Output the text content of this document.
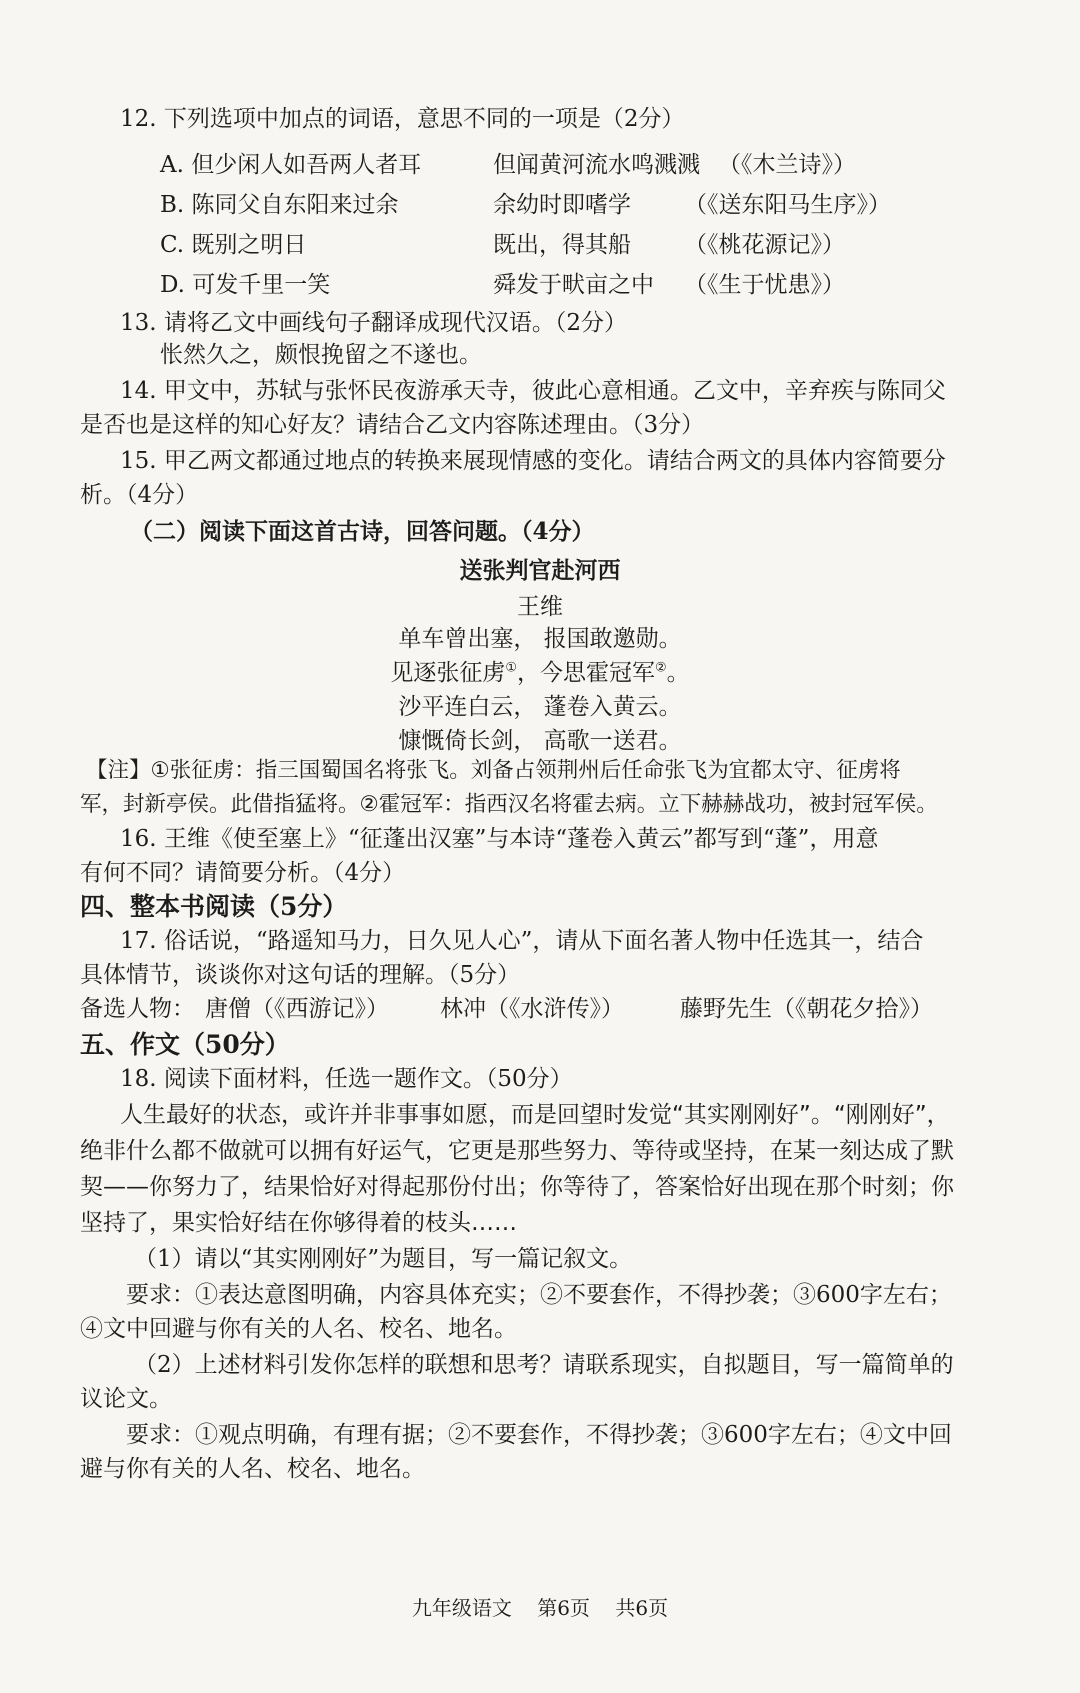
12. 下列选项中加点的词语，意思不同的一项是（2分）
A. 但少闲人如吾两人者耳	但闻黄河流水鸣溅溅 （《木兰诗》）
B. 陈同父自东阳来过余	余幼时即嗜学 （《送东阳马生序》）
C. 既别之明日	既出，得其船 （《桃花源记》）
D. 可发千里一笑	舜发于畎亩之中 （《生于忧患》）
13. 请将乙文中画线句子翻译成现代汉语。（2分）
怅然久之，颇恨挽留之不遂也。
14. 甲文中，苏轼与张怀民夜游承天寺，彼此心意相通。乙文中，辛弃疾与陈同父
是否也是这样的知心好友？请结合乙文内容陈述理由。（3分）
15. 甲乙两文都通过地点的转换来展现情感的变化。请结合两文的具体内容简要分
析。（4分）
（二）阅读下面这首古诗，回答问题。（4分）
送张判官赴河西
王维
单车曾出塞， 报国敢邀勋。
见逐张征虏①，今思霍冠军②。
沙平连白云， 蓬卷入黄云。
慷慨倚长剑， 高歌一送君。
【注】①张征虏：指三国蜀国名将张飞。刘备占领荆州后任命张飞为宜都太守、征虏将
军，封新亭侯。此借指猛将。②霍冠军：指西汉名将霍去病。立下赫赫战功，被封冠军侯。
16. 王维《使至塞上》“征蓬出汉塞”与本诗“蓬卷入黄云”都写到“蓬”，用意
有何不同？请简要分析。（4分）
四、整本书阅读（5分）
17. 俗话说，“路遥知马力，日久见人心”，请从下面名著人物中任选其一，结合
具体情节，谈谈你对这句话的理解。（5分）
备选人物： 唐僧（《西游记》） 林冲（《水浒传》） 藤野先生（《朝花夕拾》）
五、作文（50分）
18. 阅读下面材料，任选一题作文。（50分）
人生最好的状态，或许并非事事如愿，而是回望时发觉“其实刚刚好”。“刚刚好”，
绝非什么都不做就可以拥有好运气，它更是那些努力、等待或坚持，在某一刻达成了默
契——你努力了，结果恰好对得起那份付出；你等待了，答案恰好出现在那个时刻；你
坚持了，果实恰好结在你够得着的枝头……
（1）请以“其实刚刚好”为题目，写一篇记叙文。
要求：①表达意图明确，内容具体充实；②不要套作，不得抄袭；③600字左右；
④文中回避与你有关的人名、校名、地名。
（2）上述材料引发你怎样的联想和思考？请联系现实，自拟题目，写一篇简单的
议论文。
要求：①观点明确，有理有据；②不要套作，不得抄袭；③600字左右；④文中回
避与你有关的人名、校名、地名。
九年级语文    第6页    共6页
